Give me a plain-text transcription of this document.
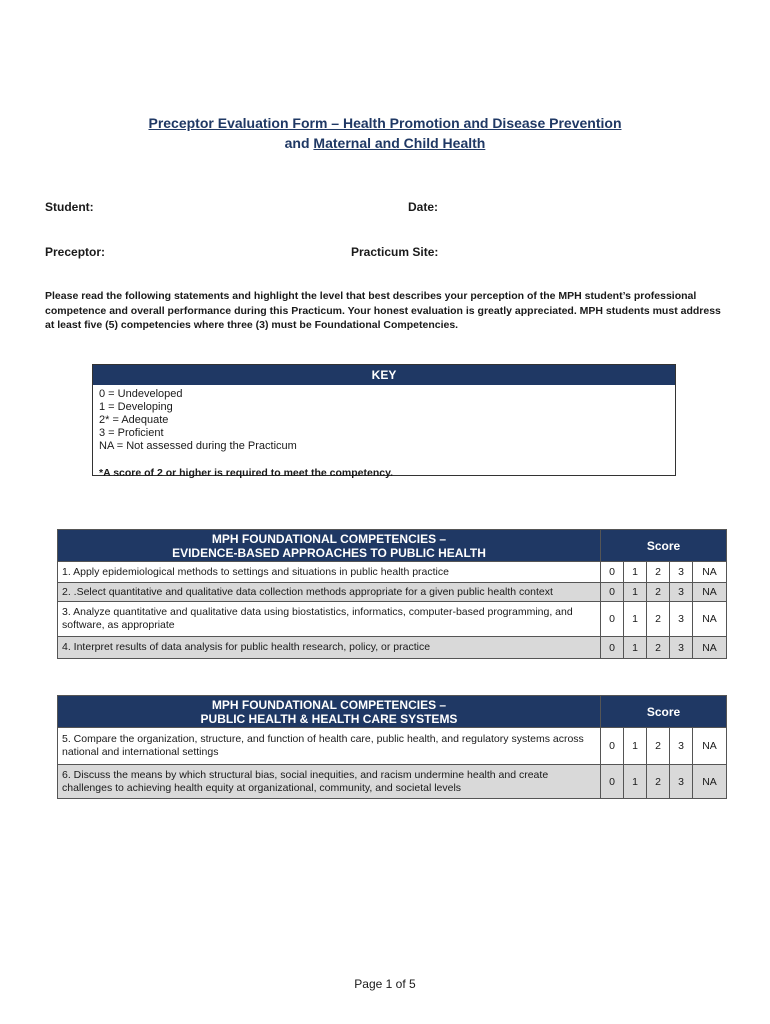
Preceptor Evaluation Form – Health Promotion and Disease Prevention
and Maternal and Child Health
Student:	Date:
Preceptor:	Practicum Site:
Please read the following statements and highlight the level that best describes your perception of the MPH student’s professional competence and overall performance during this Practicum. Your honest evaluation is greatly appreciated. MPH students must address at least five (5) competencies where three (3) must be Foundational Competencies.
KEY
0 = Undeveloped
1 = Developing
2* = Adequate
3 = Proficient
NA = Not assessed during the Practicum
*A score of 2 or higher is required to meet the competency.
MPH FOUNDATIONAL COMPETENCIES –
EVIDENCE-BASED APPROACHES TO PUBLIC HEALTH	Score				
1. Apply epidemiological methods to settings and situations in public health practice	0	1	2	3	NA
2. .Select quantitative and qualitative data collection methods appropriate for a given public health context	0	1	2	3	NA
3. Analyze quantitative and qualitative data using biostatistics, informatics, computer-based programming, and software, as appropriate	0	1	2	3	NA
4. Interpret results of data analysis for public health research, policy, or practice	0	1	2	3	NA
MPH FOUNDATIONAL COMPETENCIES –
PUBLIC HEALTH & HEALTH CARE SYSTEMS	Score				
5. Compare the organization, structure, and function of health care, public health, and regulatory systems across national and international settings	0	1	2	3	NA
6. Discuss the means by which structural bias, social inequities, and racism undermine health and create challenges to achieving health equity at organizational, community, and societal levels	0	1	2	3	NA
Page 1 of 5
